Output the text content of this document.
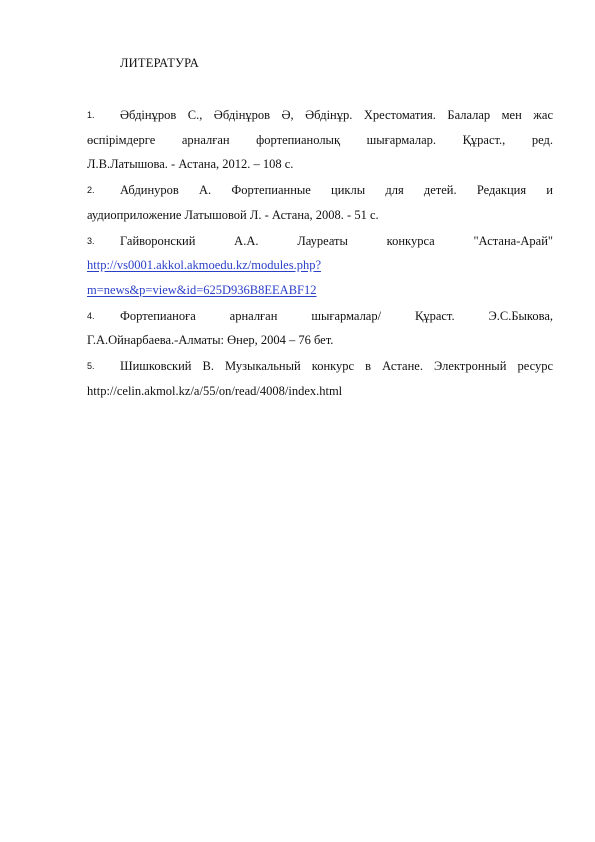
ЛИТЕРАТУРА
1. Әбдінұров С., Әбдінұров Ә, Әбдінұр. Хрестоматия. Балалар мен жас
өспірімдерге арналған фортепианолық шығармалар. Құраст., ред.
Л.В.Латышова. - Астана, 2012. – 108 с.
2. Абдинуров А. Фортепианные циклы для детей. Редакция и
аудиоприложение Латышовой Л. - Астана, 2008. - 51 с.
3. Гайворонский А.А. Лауреаты конкурса "Астана-Арай"
http://vs0001.akkol.akmoedu.kz/modules.php?
m=news&p=view&id=625D936B8EEABF12
4. Фортепианоға арналған шығармалар/ Құраст. Э.С.Быкова,
Г.А.Ойнарбаева.-Алматы: Өнер, 2004 – 76 бет.
5. Шишковский В. Музыкальный конкурс в Астане. Электронный ресурс
http://celin.akmol.kz/a/55/on/read/4008/index.html
